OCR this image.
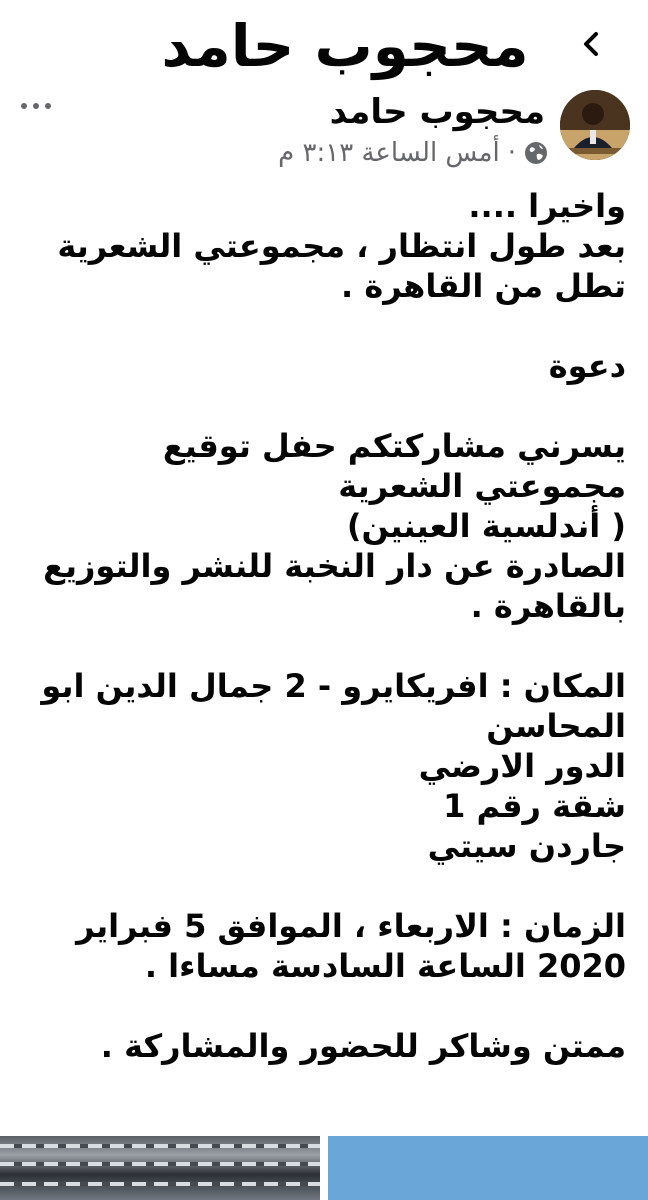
محجوب حامد
محجوب حامد
أمس الساعة ٣:١٣ م ·

واخيرا ....
بعد طول انتظار ، مجموعتي الشعرية تطل من القاهرة .

دعوة

يسرني مشاركتكم حفل توقيع مجموعتي الشعرية
( أندلسية العينين)
الصادرة عن دار النخبة للنشر والتوزيع بالقاهرة .

المكان : افريكايرو - 2 جمال الدين ابو المحاسن
الدور الارضي
شقة رقم 1
جاردن سيتي

الزمان : الاربعاء ، الموافق 5 فبراير 2020 الساعة السادسة مساءا .

ممتن وشاكر للحضور والمشاركة .
